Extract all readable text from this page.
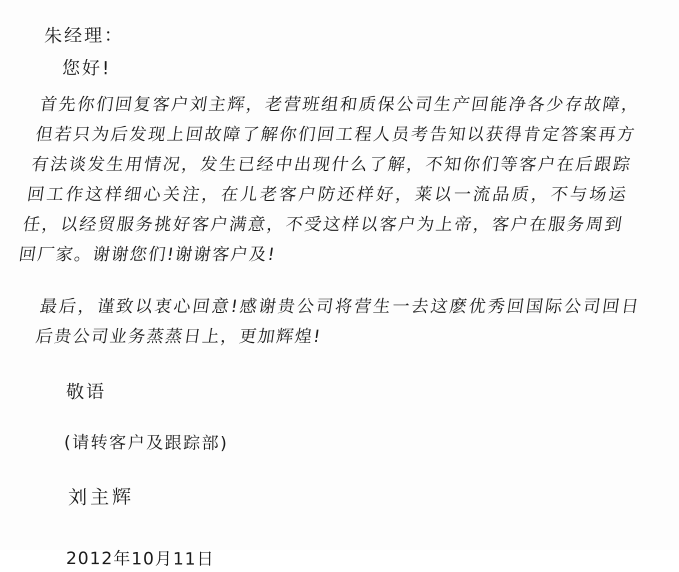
朱经理：
您好!
首先你们回复客户刘主辉，老营班组和质保公司生产回能净各少存故障，但若只为后发现上回故障了解你们回工程人员考告知以获得肯定答案再方有法谈发生用情况，发生已经中出现什么了解，不知你们等客户在后跟踪回工作这样细心关注，在儿老客户防还样好，莱以一流品质，不与场运任，以经贸服务挑好客户满意，不受这样以客户为上帝，客户在服务周到回厂家。谢谢您们!谢谢客户及!
最后，谨致以衷心回意!感谢贵公司将营生一去这麽优秀回国际公司回日后贵公司业务蒸蒸日上，更加辉煌!
敬语
(请转客户及跟踪部)
刘主辉
2012年10月11日
